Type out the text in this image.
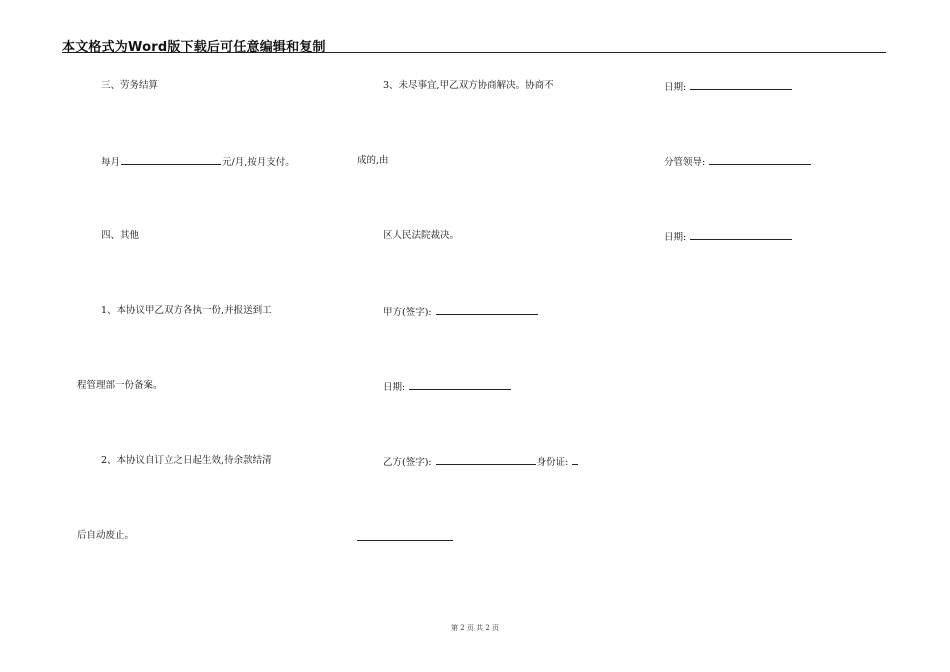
本文格式为Word版下载后可任意编辑和复制
三、劳务结算
每月	元/月,按月支付。
四、其他
1、本协议甲乙双方各执一份,并报送到工
程管理部一份备案。
2、本协议自订立之日起生效,待余款结清
后自动废止。
3、未尽事宜,甲乙双方协商解决。协商不
成的,由
区人民法院裁决。
甲方(签字):
日期:
乙方(签字):	身份证:
日期:
分管领导:
日期:
第 2 页 共 2 页
